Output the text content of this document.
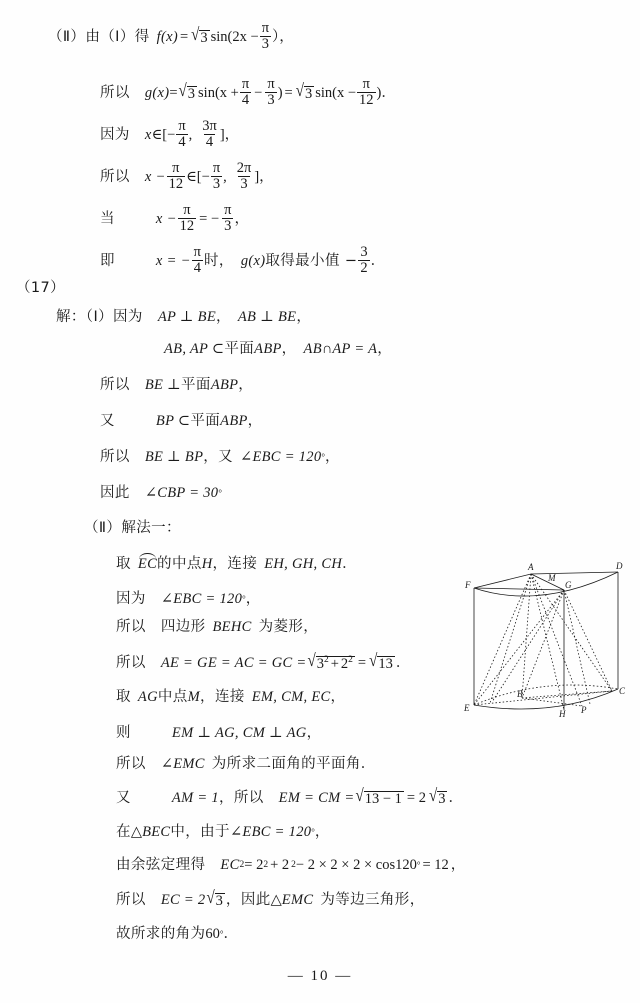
（Ⅱ）由（Ⅰ）得 f(x) = √ 3 $\sin(2x - \frac{\pi}{3}$ ），
所以 g(x) = √ 3 $\sin(x + \frac{\pi}{4} - \frac{\pi}{3}$ ) = √ 3 $\sin(x - \frac{\pi}{12}$ )．
因为 x ∈[− $\frac{\pi}{4}$ , $\frac{3\pi}{4}$ ]，
所以 $x - \frac{\pi}{12}$ ∈[− $\frac{\pi}{3}$ , $\frac{2\pi}{3}$ ]，
当	$x - \frac{\pi}{12}$ = − $\frac{\pi}{3}$ ，
即	x = − $\frac{\pi}{4}$ 时， g(x) 取得最小值 − $\frac{3}{2}$ ．
（17）
解：（Ⅰ）因为 AP ⊥ BE ， AB ⊥ BE ，
AB, AP ⊂ 平面 ABP ， AB ∩ AP = A ，
所以 BE ⊥ 平面 ABP ，
又	BP ⊂ 平面 ABP ，
所以 BE ⊥ BP ， 又 ∠EBC = 120 ° ，
因此 ∠CBP = 30 °
（Ⅱ）解法一：
取 EC 的中点 H ，连接 EH, GH, CH ．
因为 ∠EBC = 120 ° ，
所以 四边形 BEHC 为菱形，
所以 AE = GE = AC = GC = √ $3^2 + 2^2$ = √ 13 ．
取 AG 中点 M ，连接 EM, CM, EC ，
则	EM ⊥ AG, CM ⊥ AG ，
所以 ∠EMC 为所求二面角的平面角．
又	AM = 1 ， 所以 EM = CM = √ 13 − 1 = 2 √ 3 ．
在 △ BEC 中，由于 ∠EBC = 120 ° ，
由余弦定理得 EC 2 = 2 2 + 2 2 − 2 × 2 × 2 × cos120 ° = 12 ，
所以 EC = 2 √ 3 ， 因此 △ EMC 为等边三角形，
故所求的角为 60 ° ．
A	D
F
M
G
E
B	C
H P
— 10 —
